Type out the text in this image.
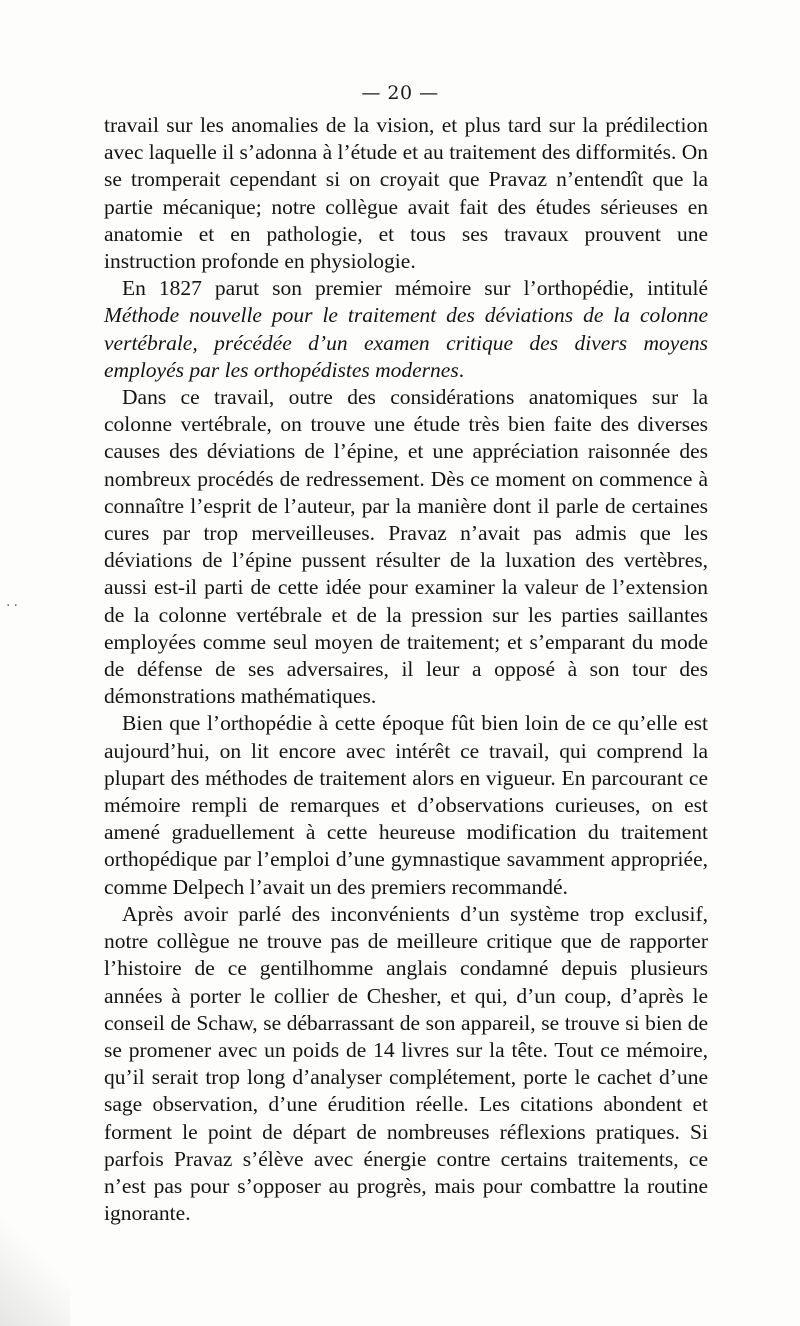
— 20 —

travail sur les anomalies de la vision, et plus tard sur la prédilection avec laquelle il s’adonna à l’étude et au traitement des difformités. On se tromperait cependant si on croyait que Pravaz n’entendît que la partie mécanique; notre collègue avait fait des études sérieuses en anatomie et en pathologie, et tous ses travaux prouvent une instruction profonde en physiologie.

En 1827 parut son premier mémoire sur l’orthopédie, intitulé Méthode nouvelle pour le traitement des déviations de la colonne vertébrale, précédée d’un examen critique des divers moyens employés par les orthopédistes modernes.

Dans ce travail, outre des considérations anatomiques sur la colonne vertébrale, on trouve une étude très bien faite des diverses causes des déviations de l’épine, et une appréciation raisonnée des nombreux procédés de redressement. Dès ce moment on commence à connaître l’esprit de l’auteur, par la manière dont il parle de certaines cures par trop merveilleuses. Pravaz n’avait pas admis que les déviations de l’épine pussent résulter de la luxation des vertèbres, aussi est-il parti de cette idée pour examiner la valeur de l’extension de la colonne vertébrale et de la pression sur les parties saillantes employées comme seul moyen de traitement; et s’emparant du mode de défense de ses adversaires, il leur a opposé à son tour des démonstrations mathématiques.

Bien que l’orthopédie à cette époque fût bien loin de ce qu’elle est aujourd’hui, on lit encore avec intérêt ce travail, qui comprend la plupart des méthodes de traitement alors en vigueur. En parcourant ce mémoire rempli de remarques et d’observations curieuses, on est amené graduellement à cette heureuse modification du traitement orthopédique par l’emploi d’une gymnastique savamment appropriée, comme Delpech l’avait un des premiers recommandé.

Après avoir parlé des inconvénients d’un système trop exclusif, notre collègue ne trouve pas de meilleure critique que de rapporter l’histoire de ce gentilhomme anglais condamné depuis plusieurs années à porter le collier de Chesher, et qui, d’un coup, d’après le conseil de Schaw, se débarrassant de son appareil, se trouve si bien de se promener avec un poids de 14 livres sur la tête. Tout ce mémoire, qu’il serait trop long d’analyser complétement, porte le cachet d’une sage observation, d’une érudition réelle. Les citations abondent et forment le point de départ de nombreuses réflexions pratiques. Si parfois Pravaz s’élève avec énergie contre certains traitements, ce n’est pas pour s’opposer au progrès, mais pour combattre la routine ignorante.

··
